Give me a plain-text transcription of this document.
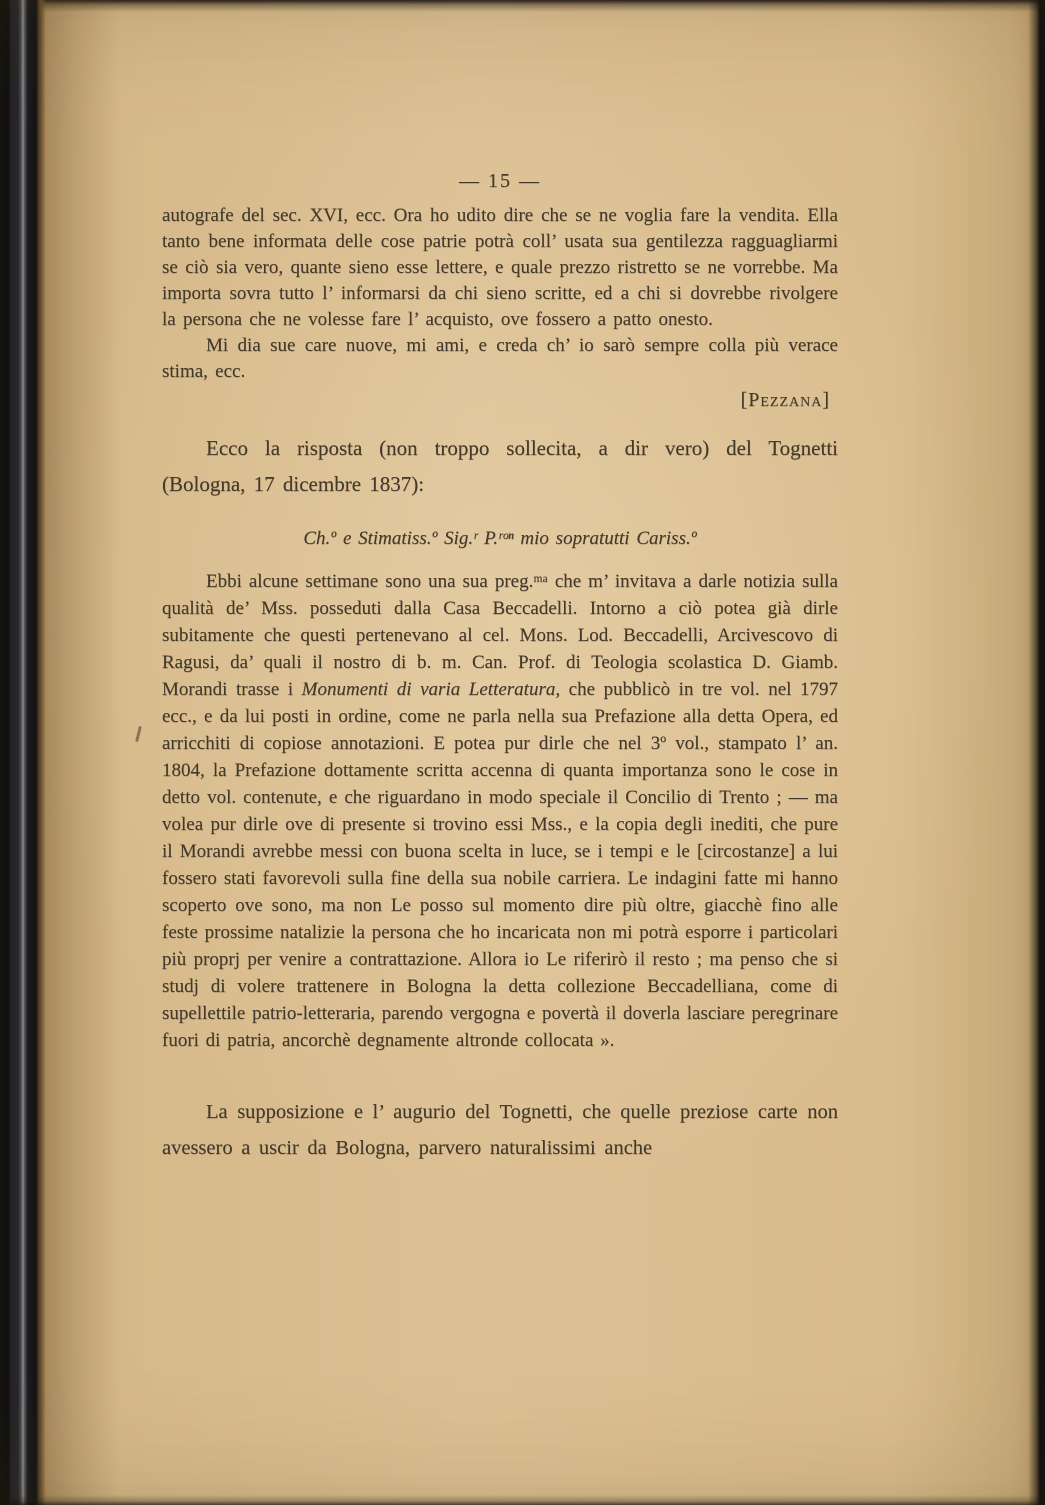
— 15 —

autografe del sec. XVI, ecc. Ora ho udito dire che se ne voglia fare la vendita. Ella tanto bene informata delle cose patrie potrà coll’ usata sua gentilezza ragguagliarmi se ciò sia vero, quante sieno esse lettere, e quale prezzo ristretto se ne vorrebbe. Ma importa sovra tutto l’ informarsi da chi sieno scritte, ed a chi si dovrebbe rivolgere la persona che ne volesse fare l’ acquisto, ove fossero a patto onesto.

Mi dia sue care nuove, mi ami, e creda ch’ io sarò sempre colla più verace stima, ecc.

[Pezzana]

Ecco la risposta (non troppo sollecita, a dir vero) del Tognetti (Bologna, 17 dicembre 1837):

Ch.º e Stimatiss.º Sig.ʳ P.ʳᵒⁿ mio sopratutti Cariss.º

Ebbi alcune settimane sono una sua preg.ᵐᵃ che m’ invitava a darle notizia sulla qualità de’ Mss. posseduti dalla Casa Beccadelli. Intorno a ciò potea già dirle subitamente che questi pertenevano al cel. Mons. Lod. Beccadelli, Arcivescovo di Ragusi, da’ quali il nostro di b. m. Can. Prof. di Teologia scolastica D. Giamb. Morandi trasse i Monumenti di varia Letteratura, che pubblicò in tre vol. nel 1797 ecc., e da lui posti in ordine, come ne parla nella sua Prefazione alla detta Opera, ed arricchiti di copiose annotazioni. E potea pur dirle che nel 3º vol., stampato l’ an. 1804, la Prefazione dottamente scritta accenna di quanta importanza sono le cose in detto vol. contenute, e che riguardano in modo speciale il Concilio di Trento ; — ma volea pur dirle ove di presente si trovino essi Mss., e la copia degli inediti, che pure il Morandi avrebbe messi con buona scelta in luce, se i tempi e le [circostanze] a lui fossero stati favorevoli sulla fine della sua nobile carriera. Le indagini fatte mi hanno scoperto ove sono, ma non Le posso sul momento dire più oltre, giacchè fino alle feste prossime natalizie la persona che ho incaricata non mi potrà esporre i particolari più proprj per venire a contrattazione. Allora io Le riferirò il resto ; ma penso che si studj di volere trattenere in Bologna la detta collezione Beccadelliana, come di supellettile patrio-letteraria, parendo vergogna e povertà il doverla lasciare peregrinare fuori di patria, ancorchè degnamente altronde collocata ».

La supposizione e l’ augurio del Tognetti, che quelle preziose carte non avessero a uscir da Bologna, parvero naturalissimi anche
